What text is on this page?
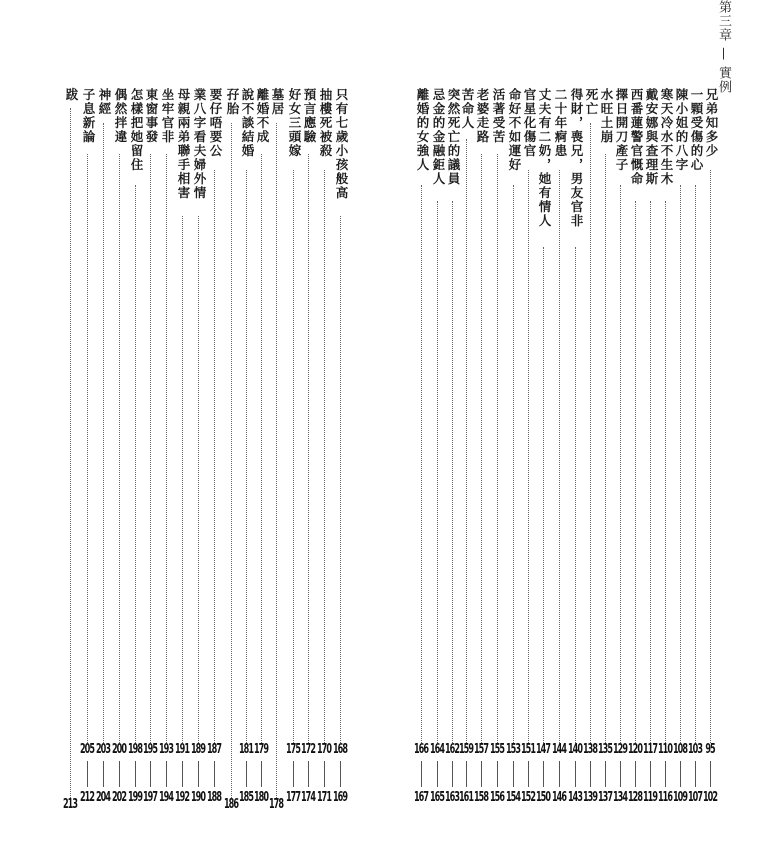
第三章 — 實例
兄弟知多少
95
102
一顆受傷的心
103
107
陳小姐的八字
108
109
寒天冷水不生木
110
116
戴安娜與查理斯
117
119
西番蓮警官慨命
120
128
擇日開刀產子
129
134
水旺土崩
135
137
死亡
138
139
得財，喪兄，男友官非
140
143
二十年痾患
144
146
丈夫有二奶，她有情人
147
150
官星化傷官
151
152
命好不如運好
153
154
活著受苦
155
156
老婆走路
157
158
苦命人
159
161
突然死亡的議員
162
163
忌金的金融鉅人
164
165
離婚的女強人
166
167
只有七歲小孩般高
168
169
抽樓死被殺
170
171
預言應驗
172
174
好女三頭嫁
175
177
墓居
178
離婚不成
179
180
說不談結婚
181
185
孖胎
186
要仔唔要公
187
188
業八字看夫婦外情
189
190
母親兩弟聯手相害
191
192
坐牢官非
193
194
東窗事發
195
197
怎樣把她留住
198
199
偶然拌違
200
202
神經
203
204
子息新論
205
212
跋
213
